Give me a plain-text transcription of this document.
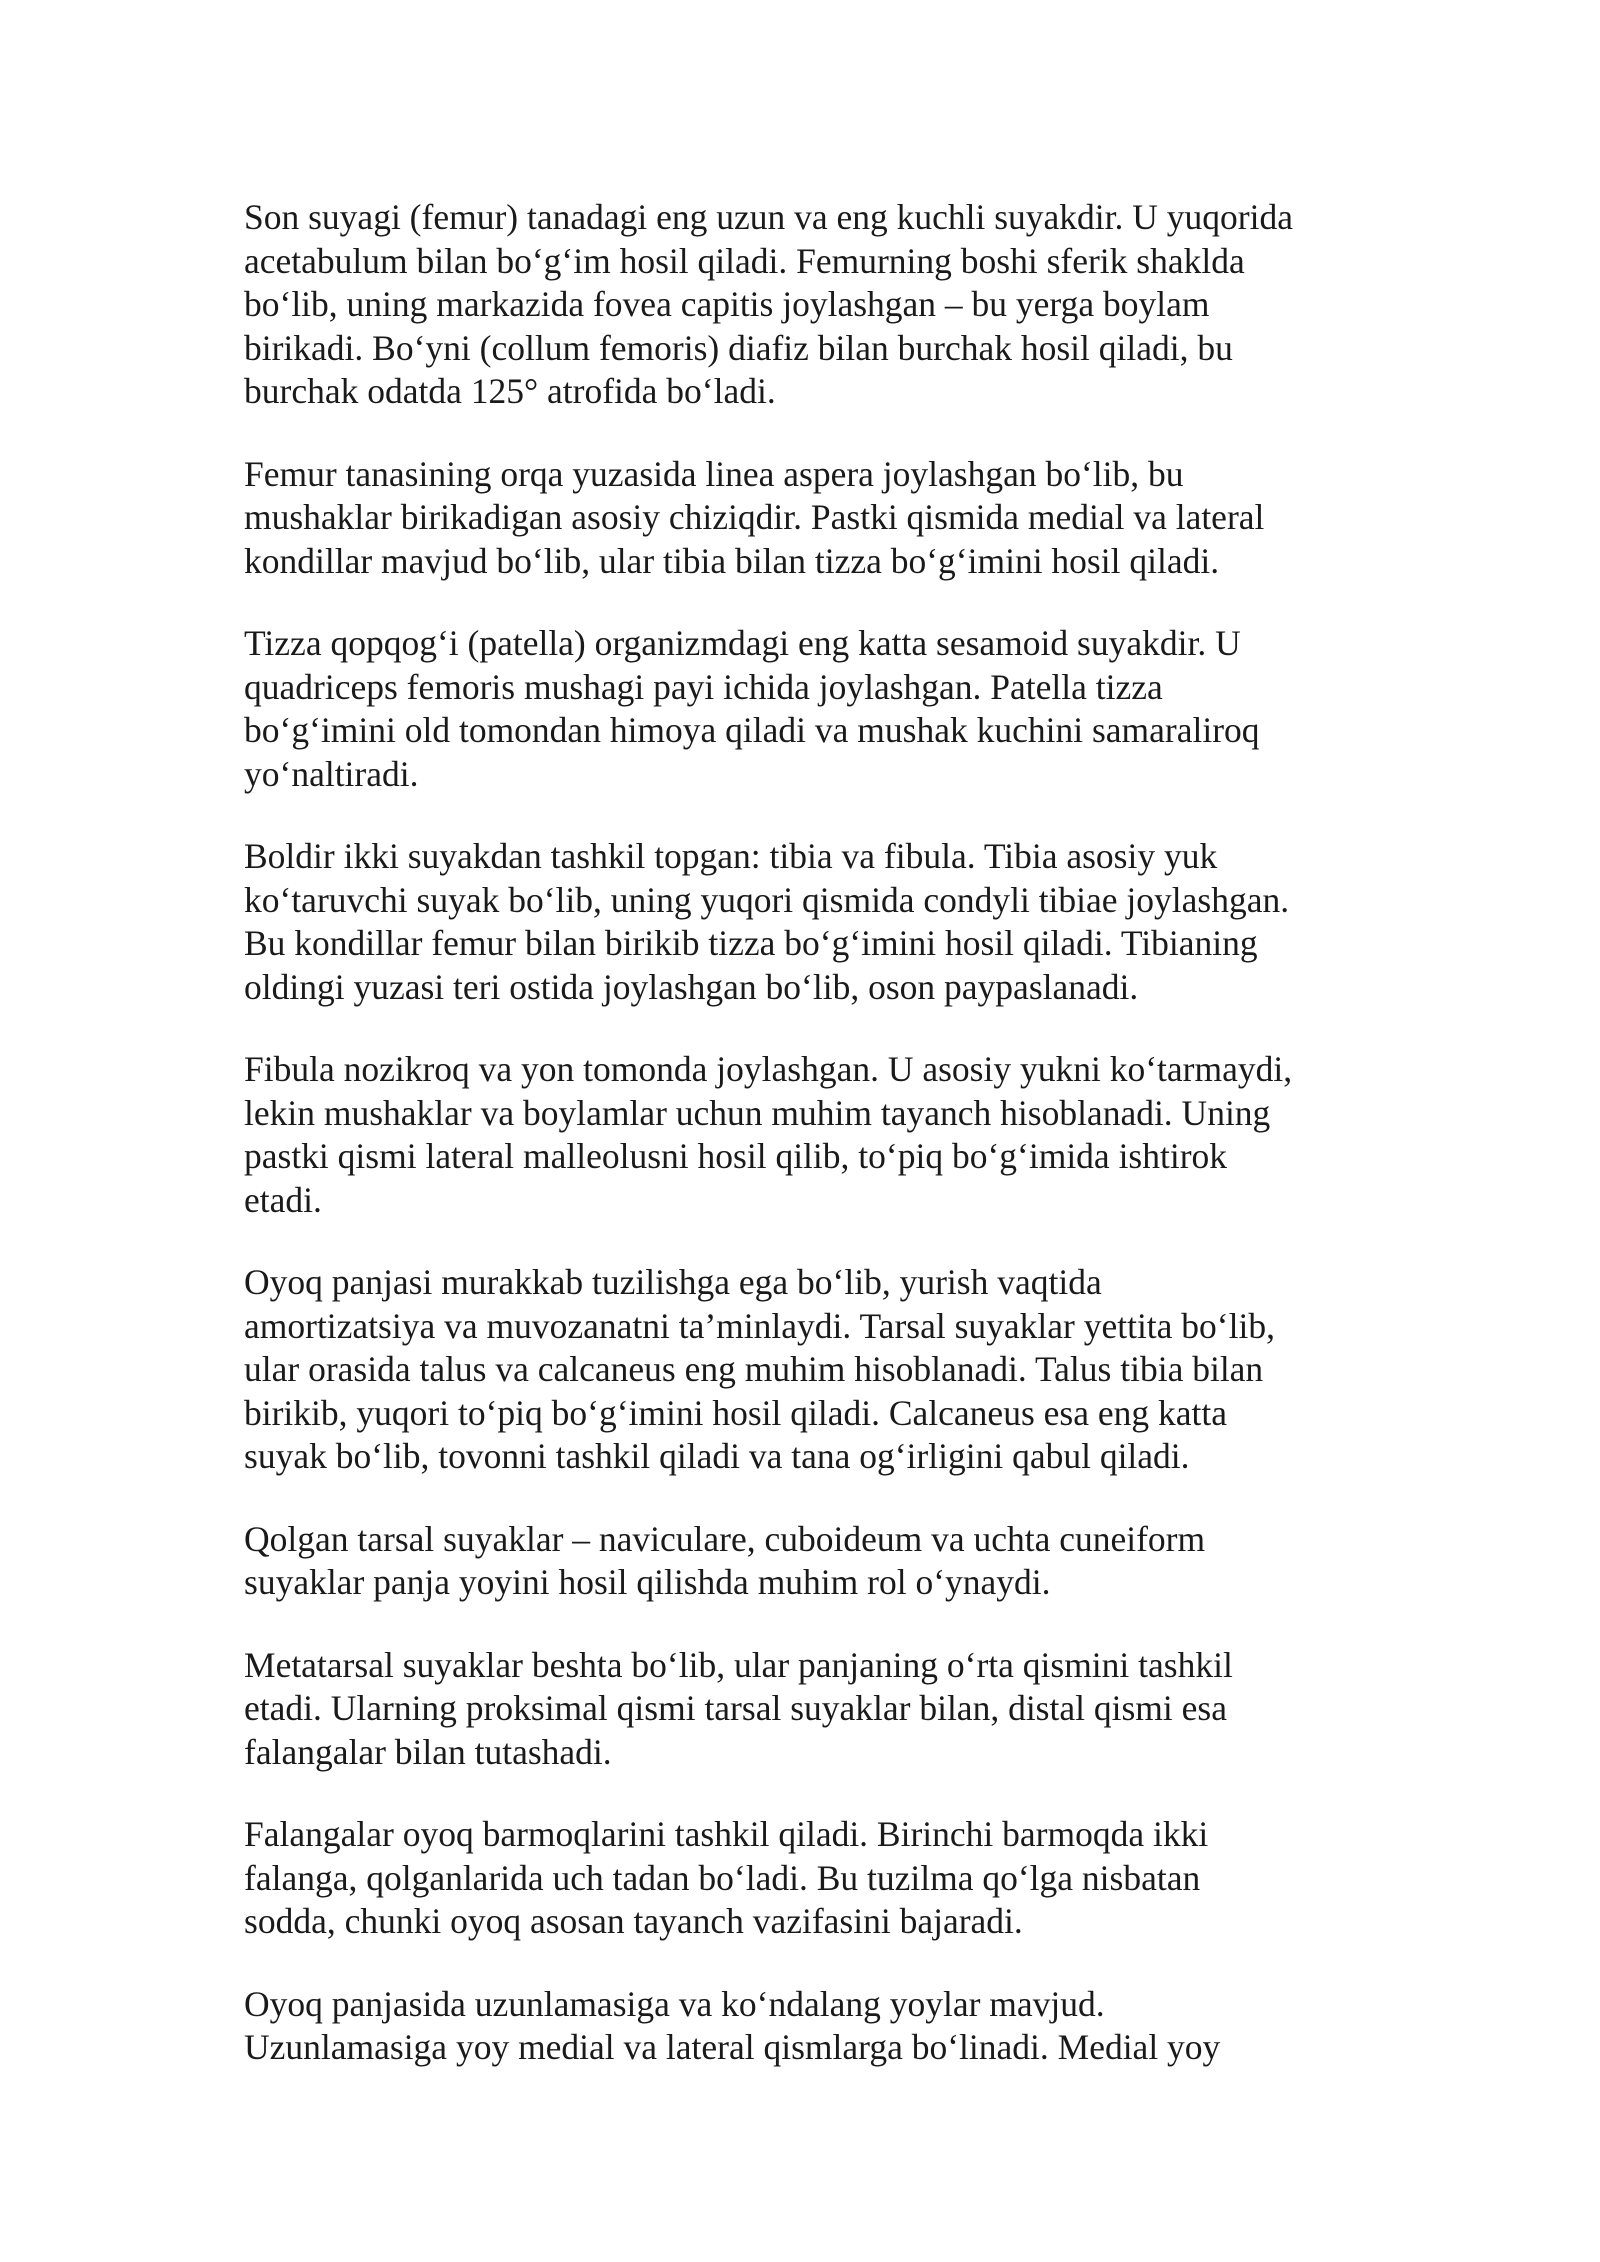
Son suyagi (femur) tanadagi eng uzun va eng kuchli suyakdir. U yuqorida
acetabulum bilan bo‘g‘im hosil qiladi. Femurning boshi sferik shaklda
bo‘lib, uning markazida fovea capitis joylashgan – bu yerga boylam
birikadi. Bo‘yni (collum femoris) diafiz bilan burchak hosil qiladi, bu
burchak odatda 125° atrofida bo‘ladi.

Femur tanasining orqa yuzasida linea aspera joylashgan bo‘lib, bu
mushaklar birikadigan asosiy chiziqdir. Pastki qismida medial va lateral
kondillar mavjud bo‘lib, ular tibia bilan tizza bo‘g‘imini hosil qiladi.

Tizza qopqog‘i (patella) organizmdagi eng katta sesamoid suyakdir. U
quadriceps femoris mushagi payi ichida joylashgan. Patella tizza
bo‘g‘imini old tomondan himoya qiladi va mushak kuchini samaraliroq
yo‘naltiradi.

Boldir ikki suyakdan tashkil topgan: tibia va fibula. Tibia asosiy yuk
ko‘taruvchi suyak bo‘lib, uning yuqori qismida condyli tibiae joylashgan.
Bu kondillar femur bilan birikib tizza bo‘g‘imini hosil qiladi. Tibianing
oldingi yuzasi teri ostida joylashgan bo‘lib, oson paypaslanadi.

Fibula nozikroq va yon tomonda joylashgan. U asosiy yukni ko‘tarmaydi,
lekin mushaklar va boylamlar uchun muhim tayanch hisoblanadi. Uning
pastki qismi lateral malleolusni hosil qilib, to‘piq bo‘g‘imida ishtirok
etadi.

Oyoq panjasi murakkab tuzilishga ega bo‘lib, yurish vaqtida
amortizatsiya va muvozanatni ta’minlaydi. Tarsal suyaklar yettita bo‘lib,
ular orasida talus va calcaneus eng muhim hisoblanadi. Talus tibia bilan
birikib, yuqori to‘piq bo‘g‘imini hosil qiladi. Calcaneus esa eng katta
suyak bo‘lib, tovonni tashkil qiladi va tana og‘irligini qabul qiladi.

Qolgan tarsal suyaklar – naviculare, cuboideum va uchta cuneiform
suyaklar panja yoyini hosil qilishda muhim rol o‘ynaydi.

Metatarsal suyaklar beshta bo‘lib, ular panjaning o‘rta qismini tashkil
etadi. Ularning proksimal qismi tarsal suyaklar bilan, distal qismi esa
falangalar bilan tutashadi.

Falangalar oyoq barmoqlarini tashkil qiladi. Birinchi barmoqda ikki
falanga, qolganlarida uch tadan bo‘ladi. Bu tuzilma qo‘lga nisbatan
sodda, chunki oyoq asosan tayanch vazifasini bajaradi.

Oyoq panjasida uzunlamasiga va ko‘ndalang yoylar mavjud.
Uzunlamasiga yoy medial va lateral qismlarga bo‘linadi. Medial yoy
